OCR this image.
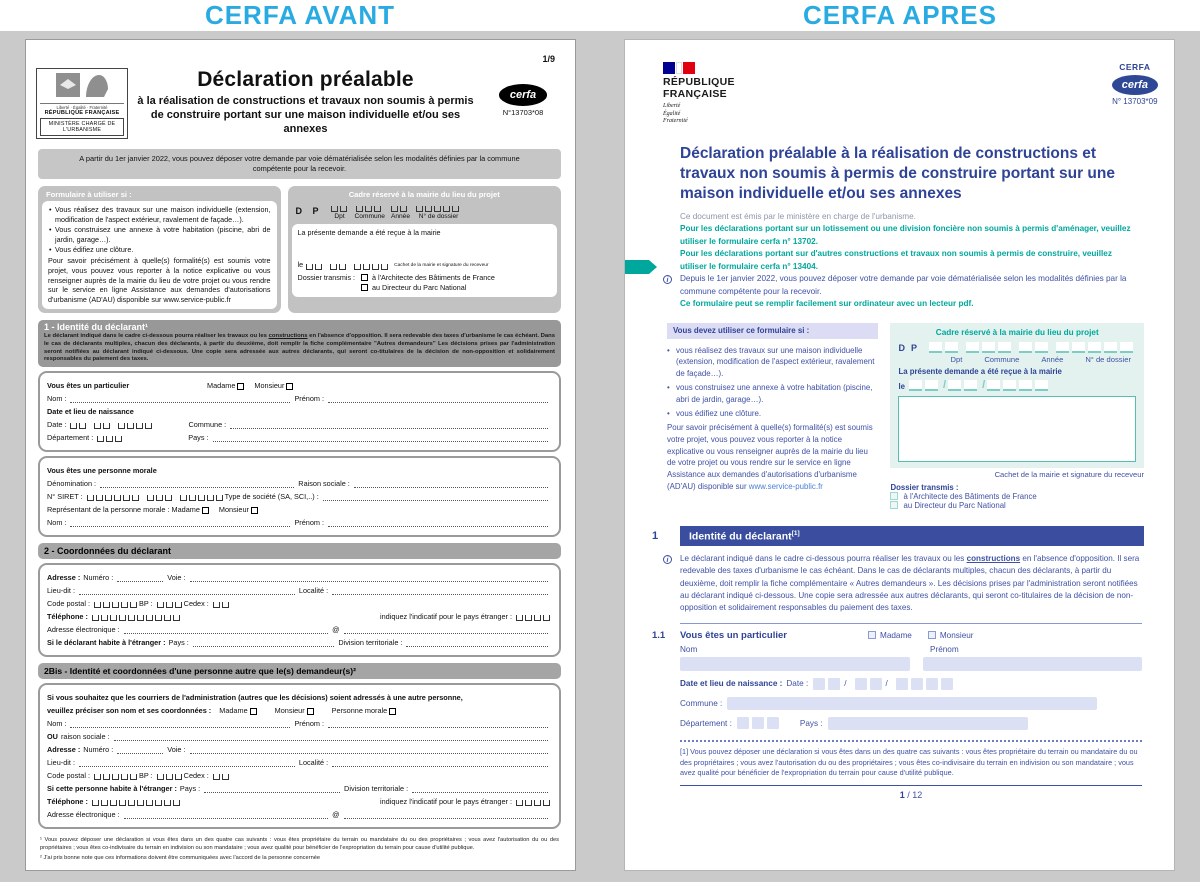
CERFA AVANT	CERFA APRES
1/9
Liberté · Égalité · Fraternité
RÉPUBLIQUE FRANÇAISE
MINISTÈRE CHARGÉ DE L'URBANISME
Déclaration préalable
à la réalisation de constructions et travaux non soumis à permis de construire portant sur une maison individuelle et/ou ses annexes
cerfa
N°13703*08
A partir du 1er janvier 2022, vous pouvez déposer votre demande par voie dématérialisée selon les modalités définies par la commune compétente pour la recevoir.
Formulaire à utiliser si :
• Vous réalisez des travaux sur une maison individuelle (extension, modification de l'aspect extérieur, ravalement de façade…).
• Vous construisez une annexe à votre habitation (piscine, abri de jardin, garage…).
• Vous édifiez une clôture.
Pour savoir précisément à quelle(s) formalité(s) est soumis votre projet, vous pouvez vous reporter à la notice explicative ou vous renseigner auprès de la mairie du lieu de votre projet ou vous rendre sur le service en ligne Assistance aux demandes d'autorisations d'urbanisme (AD'AU) disponible sur www.service-public.fr
Cadre réservé à la mairie du lieu du projet
D P
Dpt Commune Année N° de dossier
La présente demande a été reçue à la mairie
le	Cachet de la mairie et signature du receveur
Dossier transmis :	à l'Architecte des Bâtiments de France
au Directeur du Parc National
1 - Identité du déclarant¹
Le déclarant indiqué dans le cadre ci-dessous pourra réaliser les travaux ou les constructions en l'absence d'opposition. Il sera redevable des taxes d'urbanisme le cas échéant. Dans le cas de déclarants multiples, chacun des déclarants, à partir du deuxième, doit remplir la fiche complémentaire "Autres demandeurs" Les décisions prises par l'administration seront notifiées au déclarant indiqué ci-dessous. Une copie sera adressée aux autres déclarants, qui seront co-titulaires de la décision de non-opposition et solidairement responsables du paiement des taxes.
Vous êtes un particulier	Madame	Monsieur
Nom :	Prénom :
Date et lieu de naissance
Date :	Commune :
Département :	Pays :
Vous êtes une personne morale
Dénomination :	Raison sociale :
N° SIRET :	Type de société (SA, SCI,..) :
Représentant de la personne morale : Madame	Monsieur
Nom :	Prénom :
2 - Coordonnées du déclarant
Adresse : Numéro :	Voie :
Lieu-dit :	Localité :
Code postal :	BP :	Cedex :
Téléphone :	indiquez l'indicatif pour le pays étranger :
Adresse électronique :	@
Si le déclarant habite à l'étranger : Pays :	Division territoriale :
2Bis - Identité et coordonnées d'une personne autre que le(s) demandeur(s)²
Si vous souhaitez que les courriers de l'administration (autres que les décisions) soient adressés à une autre personne,
veuillez préciser son nom et ses coordonnées : Madame	Monsieur	Personne morale
Nom :	Prénom :
OU raison sociale :
Adresse : Numéro :	Voie :
Lieu-dit :	Localité :
Code postal :	BP :	Cedex :
Si cette personne habite à l'étranger : Pays :	Division territoriale :
Téléphone :	indiquez l'indicatif pour le pays étranger :
Adresse électronique :	@

¹ Vous pouvez déposer une déclaration si vous êtes dans un des quatre cas suivants : vous êtes propriétaire du terrain ou mandataire du ou des propriétaires ; vous avez l'autorisation du ou des propriétaires ; vous êtes co-indivisaire du terrain en indivision ou son mandataire ; vous avez qualité pour bénéficier de l'expropriation du terrain pour cause d'utilité publique.

² J'ai pris bonne note que ces informations doivent être communiquées avec l'accord de la personne concernée

RÉPUBLIQUE
FRANÇAISE
Liberté
Égalité
Fraternité
CERFA
cerfa
N° 13703*09
Déclaration préalable à la réalisation de constructions et travaux non soumis à permis de construire portant sur une maison individuelle et/ou ses annexes

Ce document est émis par le ministère en charge de l'urbanisme.

Pour les déclarations portant sur un lotissement ou une division foncière non soumis à permis d'aménager, veuillez utiliser le formulaire cerfa n° 13702.

Pour les déclarations portant sur d'autres constructions et travaux non soumis à permis de construire, veuillez utiliser le formulaire cerfa n° 13404.

i	Depuis le 1er janvier 2022, vous pouvez déposer votre demande par voie dématérialisée selon les modalités définies par la commune compétente pour la recevoir.

Ce formulaire peut se remplir facilement sur ordinateur avec un lecteur pdf.

Vous devez utiliser ce formulaire si :
• vous réalisez des travaux sur une maison individuelle (extension, modification de l'aspect extérieur, ravalement de façade…).
• vous construisez une annexe à votre habitation (piscine, abri de jardin, garage…).
• vous édifiez une clôture.
Pour savoir précisément à quelle(s) formalité(s) est soumis votre projet, vous pouvez vous reporter à la notice explicative ou vous renseigner auprès de la mairie du lieu de votre projet ou vous rendre sur le service en ligne Assistance aux demandes d'autorisations d'urbanisme (AD'AU) disponible sur www.service-public.fr
Cadre réservé à la mairie du lieu du projet
DP
Dpt	Commune	Année	N° de dossier
La présente demande a été reçue à la mairie
le	/	/
Cachet de la mairie et signature du receveur
Dossier transmis :
à l'Architecte des Bâtiments de France
au Directeur du Parc National
1	Identité du déclarant[1]
i	Le déclarant indiqué dans le cadre ci-dessous pourra réaliser les travaux ou les constructions en l'absence d'opposition. Il sera redevable des taxes d'urbanisme le cas échéant. Dans le cas de déclarants multiples, chacun des déclarants, à partir du deuxième, doit remplir la fiche complémentaire « Autres demandeurs ». Les décisions prises par l'administration seront notifiées au déclarant indiqué ci-dessous. Une copie sera adressée aux autres déclarants, qui seront co-titulaires de la décision de non-opposition et solidairement responsables du paiement des taxes.
1.1	Vous êtes un particulier	Madame	Monsieur
Nom	Prénom
Date et lieu de naissance : Date :	/	/
Commune :
Département :	Pays :
[1] Vous pouvez déposer une déclaration si vous êtes dans un des quatre cas suivants : vous êtes propriétaire du terrain ou mandataire du ou des propriétaires ; vous avez l'autorisation du ou des propriétaires ; vous êtes co-indivisaire du terrain en indivision ou son mandataire ; vous avez qualité pour bénéficier de l'expropriation du terrain pour cause d'utilité publique.
1 / 12
